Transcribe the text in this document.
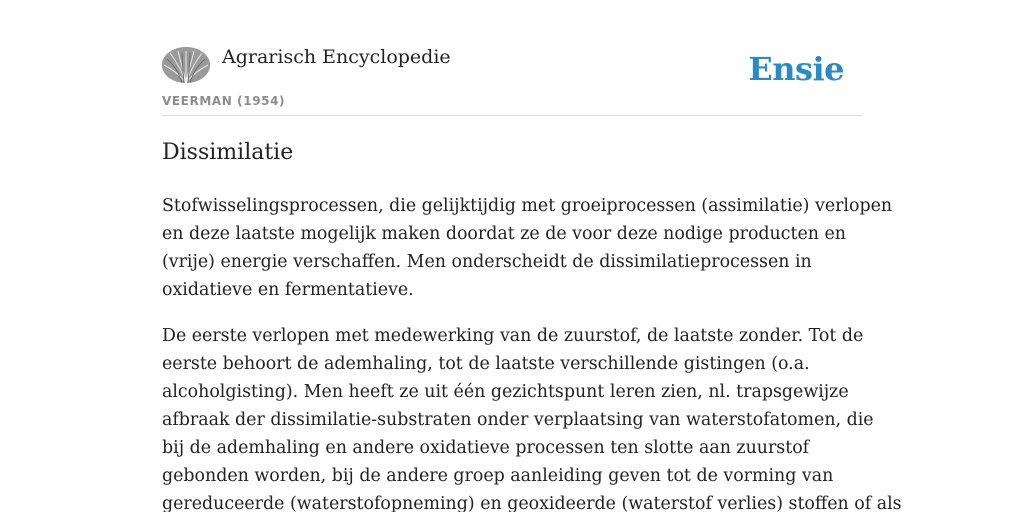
Agrarisch Encyclopedie
VEERMAN (1954)
Ensie
Dissimilatie

Stofwisselingsprocessen, die gelijktijdig met groeiprocessen (assimilatie) verlopen
en deze laatste mogelijk maken doordat ze de voor deze nodige producten en
(vrije) energie verschaffen. Men onderscheidt de dissimilatieprocessen in
oxidatieve en fermentatieve.

De eerste verlopen met medewerking van de zuurstof, de laatste zonder. Tot de
eerste behoort de ademhaling, tot de laatste verschillende gistingen (o.a.
alcoholgisting). Men heeft ze uit één gezichtspunt leren zien, nl. trapsgewijze
afbraak der dissimilatie-substraten onder verplaatsing van waterstofatomen, die
bij de ademhaling en andere oxidatieve processen ten slotte aan zuurstof
gebonden worden, bij de andere groep aanleiding geven tot de vorming van
gereduceerde (waterstofopneming) en geoxideerde (waterstof verlies) stoffen of als
